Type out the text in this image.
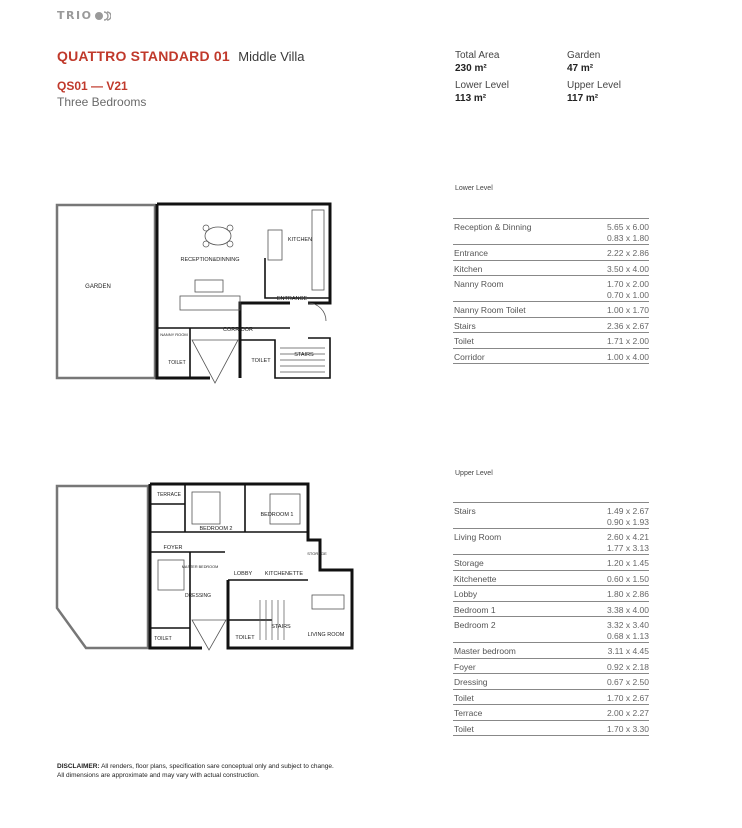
TRIO
QUATTRO STANDARD 01 Middle Villa
QS01 — V21
Three Bedrooms
Total Area
230 m²
Garden
47 m²
Lower Level
113 m²
Upper Level
117 m²
Lower Level
Reception & Dinning	5.65 x 6.00
0.83 x 1.80
Entrance	2.22 x 2.86
Kitchen	3.50 x 4.00
Nanny Room	1.70 x 2.00
0.70 x 1.00
Nanny Room Toilet	1.00 x 1.70
Stairs	2.36 x 2.67
Toilet	1.71 x 2.00
Corridor	1.00 x 4.00
Upper Level
Stairs	1.49 x 2.67
0.90 x 1.93
Living Room	2.60 x 4.21
1.77 x 3.13
Storage	1.20 x 1.45
Kitchenette	0.60 x 1.50
Lobby	1.80 x 2.86
Bedroom 1	3.38 x 4.00
Bedroom 2	3.32 x 3.40
0.68 x 1.13
Master bedroom	3.11 x 4.45
Foyer	0.92 x 2.18
Dressing	0.67 x 2.50
Toilet	1.70 x 2.67
Terrace	2.00 x 2.27
Toilet	1.70 x 3.30
GARDEN
RECEPTION&DINNING
KITCHEN
ENTRANCE
CORRIDOR
NANNY ROOM
TOILET	TOILET
STAIRS
TERRACE
BEDROOM 2
BEDROOM 1
FOYER
MASTER BEDROOM
LOBBY KITCHENETTE
STORAGE
DRESSING
TOILET	TOILET
STAIRS
LIVING ROOM
DISCLAIMER: All renders, floor plans, specification sare conceptual only and subject to change. All dimensions are approximate and may vary with actual construction.
